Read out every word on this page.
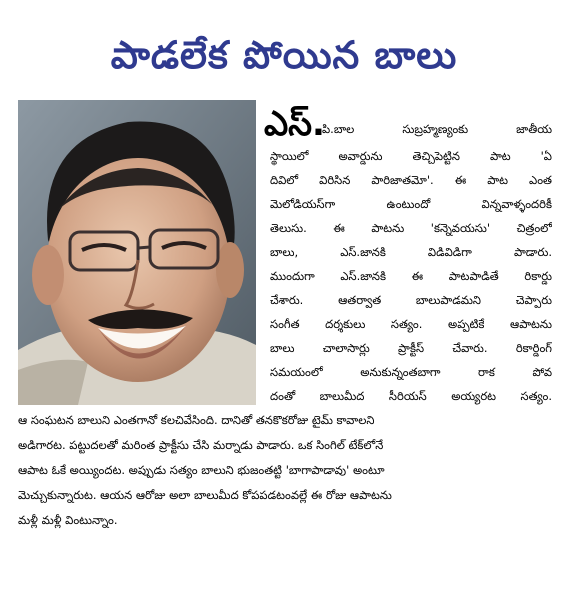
పాడలేక పోయిన బాలు
ఎస్.
పి.బాల సుబ్రహ్మణ్యంకు జాతీయ
స్థాయిలో అవార్డును తెచ్చిపెట్టిన పాట 'ఏ
దివిలో విరిసిన పారిజాతమో'. ఈ పాట ఎంత
మెలోడియస్‌గా ఉంటుందో విన్నవాళ్ళందరికీ
తెలుసు. ఈ పాటను 'కన్నెవయసు' చిత్రంలో
బాలు, ఎస్.జానకి విడివిడిగా పాడారు.
ముందుగా ఎస్.జానకి ఈ పాటపాడితే రికార్డు
చేశారు. ఆతర్వాత బాలుపాడమని చెప్పారు
సంగీత దర్శకులు సత్యం. అప్పటికే ఆపాటను
బాలు చాలాసార్లు ప్రాక్టీస్ చేవారు. రికార్డింగ్
సమయంలో అనుకున్నంతబాగా రాక పోవ
దంతో బాలుమీద సీరియస్ అయ్యరట సత్యం.
ఆ సంఘటన బాలుని ఎంతగానో కలచివేసింది. దానితో తనకొకరోజు టైమ్ కావాలని
అడిగారట. పట్టుదలతో మరింత ప్రాక్టీసు చేసి మర్నాడు పాడారు. ఒక సింగిల్ టేక్‌లోనే
ఆపాట ఓకే అయ్యిందట. అప్పుడు సత్యం బాలుని భుజంతట్టి 'బాగాపాడావు' అంటూ
మెచ్చుకున్నారుట. ఆయన ఆరోజు అలా బాలుమీద కోపపడటంవల్లే ఈ రోజు ఆపాటను
మళ్లీ మళ్లీ వింటున్నాం.
